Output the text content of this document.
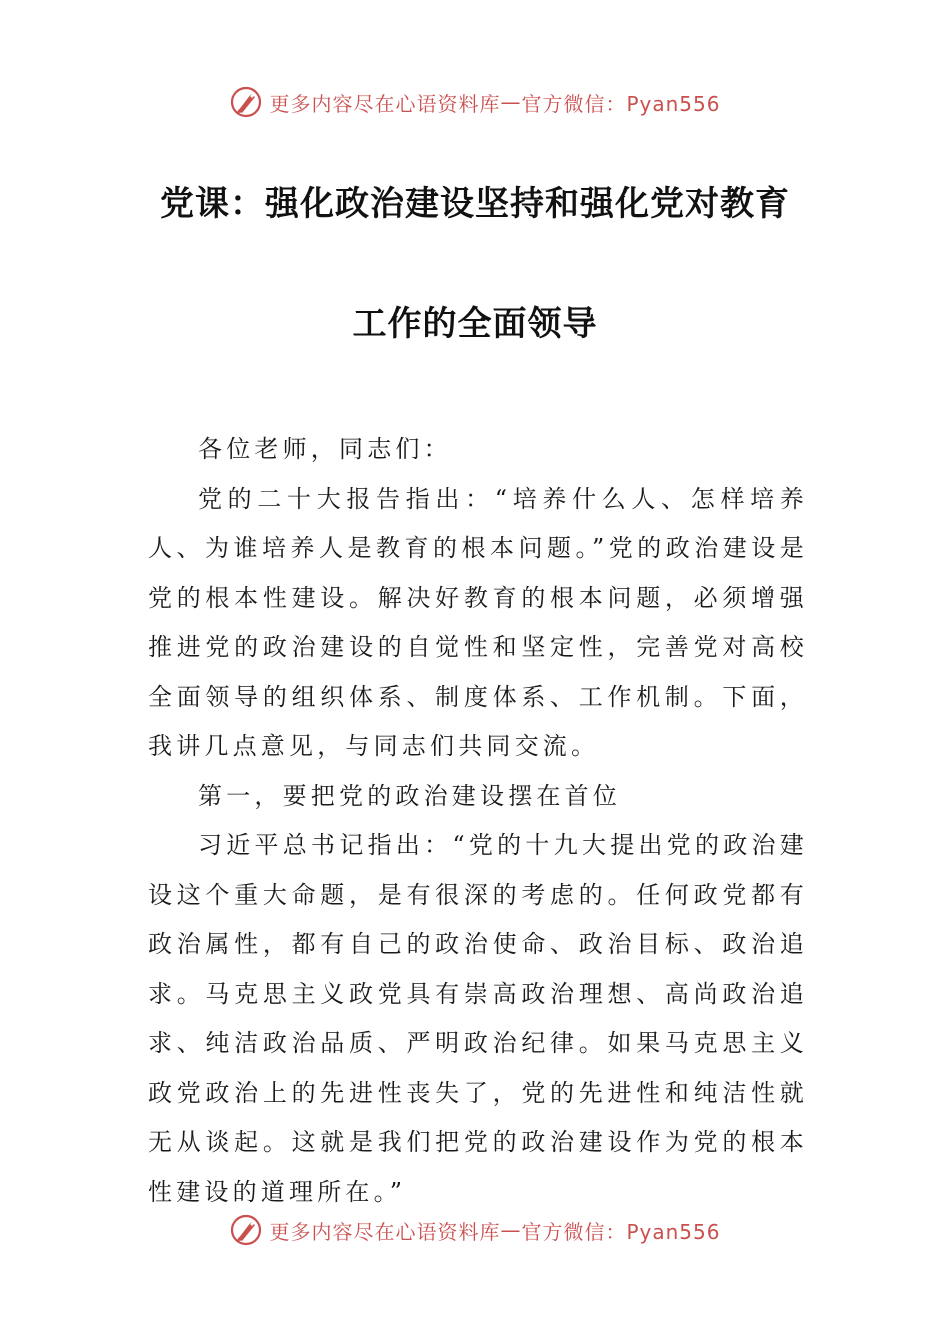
更多内容尽在心语资料库 — 官方微信：Pyan556
党课：强化政治建设坚持和强化党对教育
工作的全面领导

各位老师，同志们：

党的二十大报告指出：“培养什么人、怎样培养人、为谁培养人是教育的根本问题。”党的政治建设是党的根本性建设。解决好教育的根本问题，必须增强推进党的政治建设的自觉性和坚定性，完善党对高校全面领导的组织体系、制度体系、工作机制。下面，我讲几点意见，与同志们共同交流。

第一，要把党的政治建设摆在首位

习近平总书记指出：“党的十九大提出党的政治建设这个重大命题，是有很深的考虑的。任何政党都有政治属性，都有自己的政治使命、政治目标、政治追求。马克思主义政党具有崇高政治理想、高尚政治追求、纯洁政治品质、严明政治纪律。如果马克思主义政党政治上的先进性丧失了，党的先进性和纯洁性就无从谈起。这就是我们把党的政治建设作为党的根本性建设的道理所在。”

更多内容尽在心语资料库 — 官方微信：Pyan556
